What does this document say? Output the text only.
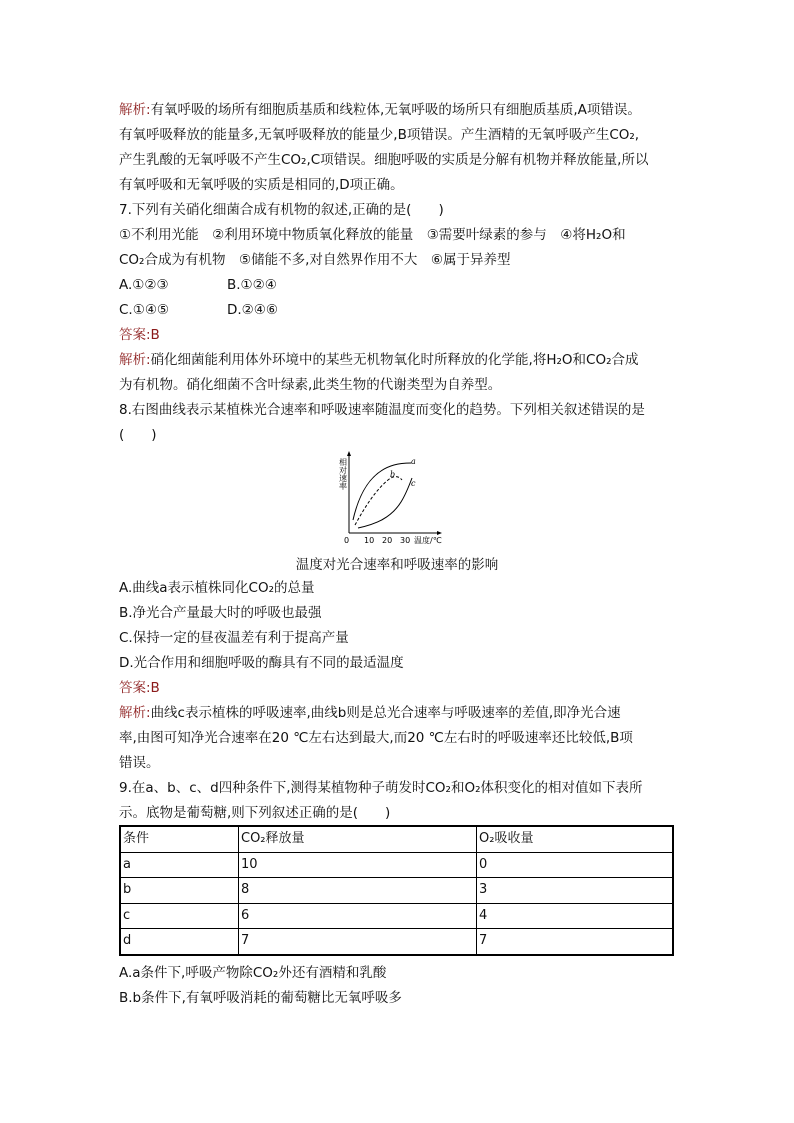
解析:有氧呼吸的场所有细胞质基质和线粒体,无氧呼吸的场所只有细胞质基质,A项错误。
有氧呼吸释放的能量多,无氧呼吸释放的能量少,B项错误。产生酒精的无氧呼吸产生CO₂,
产生乳酸的无氧呼吸不产生CO₂,C项错误。细胞呼吸的实质是分解有机物并释放能量,所以
有氧呼吸和无氧呼吸的实质是相同的,D项正确。
7.下列有关硝化细菌合成有机物的叙述,正确的是(　　)
①不利用光能　②利用环境中物质氧化释放的能量　③需要叶绿素的参与　④将H₂O和
CO₂合成为有机物　⑤储能不多,对自然界作用不大　⑥属于异养型
A.①②③	B.①②④
C.①④⑤	D.②④⑥
答案:B
解析:硝化细菌能利用体外环境中的某些无机物氧化时所释放的化学能,将H₂O和CO₂合成
为有机物。硝化细菌不含叶绿素,此类生物的代谢类型为自养型。
8.右图曲线表示某植株光合速率和呼吸速率随温度而变化的趋势。下列相关叙述错误的是
(　　)
相对速率	a
b
c
0 10 20 30 温度/℃
温度对光合速率和呼吸速率的影响
A.曲线a表示植株同化CO₂的总量
B.净光合产量最大时的呼吸也最强
C.保持一定的昼夜温差有利于提高产量
D.光合作用和细胞呼吸的酶具有不同的最适温度
答案:B
解析:曲线c表示植株的呼吸速率,曲线b则是总光合速率与呼吸速率的差值,即净光合速
率,由图可知净光合速率在20 ℃左右达到最大,而20 ℃左右时的呼吸速率还比较低,B项
错误。
9.在a、b、c、d四种条件下,测得某植物种子萌发时CO₂和O₂体积变化的相对值如下表所
示。底物是葡萄糖,则下列叙述正确的是(　　)
条件	CO₂释放量	O₂吸收量
a	10	0
b	8	3
c	6	4
d	7	7
A.a条件下,呼吸产物除CO₂外还有酒精和乳酸
B.b条件下,有氧呼吸消耗的葡萄糖比无氧呼吸多
